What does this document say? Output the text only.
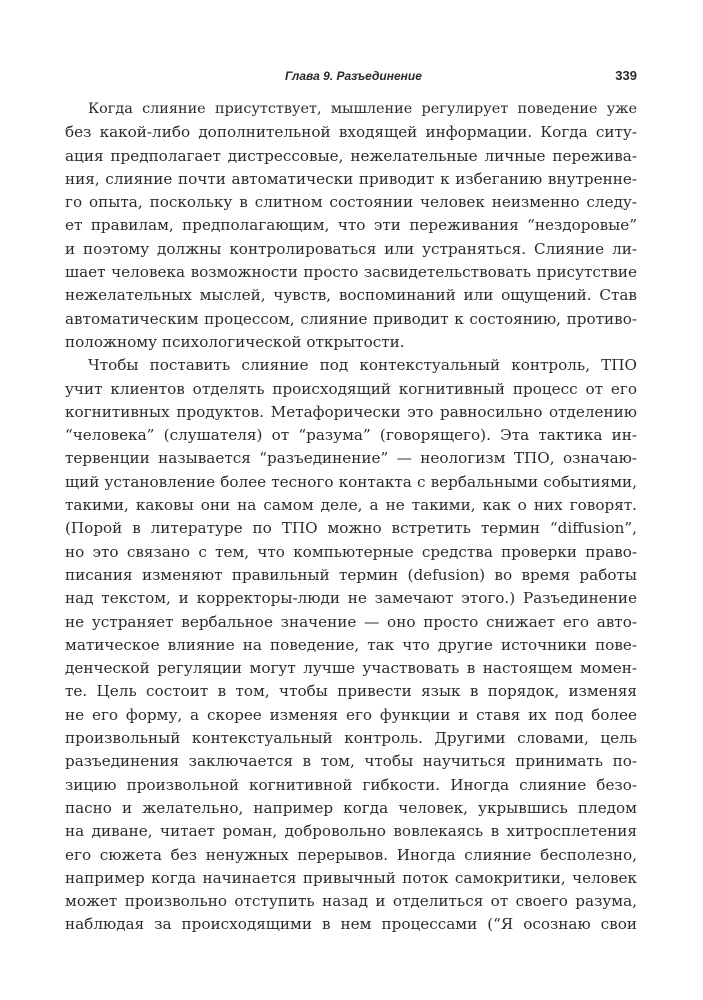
Глава 9. Разъединение	339
Когда слияние присутствует, мышление регулирует поведение уже
без какой-либо дополнительной входящей информации. Когда ситу-
ация предполагает дистрессовые, нежелательные личные пережива-
ния, слияние почти автоматически приводит к избеганию внутренне-
го опыта, поскольку в слитном состоянии человек неизменно следу-
ет правилам, предполагающим, что эти переживания “нездоровые”
и поэтому должны контролироваться или устраняться. Слияние ли-
шает человека возможности просто засвидетельствовать присутствие
нежелательных мыслей, чувств, воспоминаний или ощущений. Став
автоматическим процессом, слияние приводит к состоянию, противо-
положному психологической открытости.
Чтобы поставить слияние под контекстуальный контроль, ТПО
учит клиентов отделять происходящий когнитивный процесс от его
когнитивных продуктов. Метафорически это равносильно отделению
“человека” (слушателя) от “разума” (говорящего). Эта тактика ин-
тервенции называется “разъединение” — неологизм ТПО, означаю-
щий установление более тесного контакта с вербальными событиями,
такими, каковы они на самом деле, а не такими, как о них говорят.
(Порой в литературе по ТПО можно встретить термин “diffusion”,
но это связано с тем, что компьютерные средства проверки право-
писания изменяют правильный термин (defusion) во время работы
над текстом, и корректоры-люди не замечают этого.) Разъединение
не устраняет вербальное значение — оно просто снижает его авто-
матическое влияние на поведение, так что другие источники пове-
денческой регуляции могут лучше участвовать в настоящем момен-
те. Цель состоит в том, чтобы привести язык в порядок, изменяя
не его форму, а скорее изменяя его функции и ставя их под более
произвольный контекстуальный контроль. Другими словами, цель
разъединения заключается в том, чтобы научиться принимать по-
зицию произвольной когнитивной гибкости. Иногда слияние безо-
пасно и желательно, например когда человек, укрывшись пледом
на диване, читает роман, добровольно вовлекаясь в хитросплетения
его сюжета без ненужных перерывов. Иногда слияние бесполезно,
например когда начинается привычный поток самокритики, человек
может произвольно отступить назад и отделиться от своего разума,
наблюдая за происходящими в нем процессами (“Я осознаю свои
